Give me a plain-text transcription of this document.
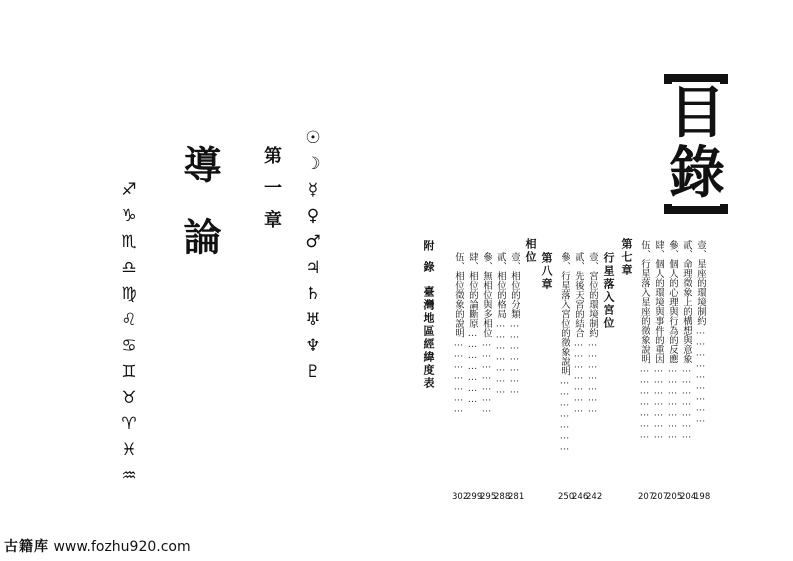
☉☽☿♀♂♃♄♅♆♇
♐♑♏♎♍♌♋♊♉♈♓♒	第一章
導論
目
錄
壹、星座的環境制約………………………
貳、命理徵象上的構想與意象…………………
參、個人的心理與行為的反應…………………
肆、個人的環境與事件的重因…………………
伍、行星落入星座的徵象說明…………………
198
204
205
207
207
第七章
行星落入宮位
壹、宮位的環境制約…………………
貳、先後天宮的結合…………………
參、行星落入宮位的徵象說明…………………
242
246
250
第八章
相位
壹、相位的分類…………………
貳、相位的格局…………………
參、無相位與多相位…………………
肆、相位的論斷原…………………
伍、相位徵象的說明…………………
281
288
295
299
302
附錄
臺灣地區經緯度表
古籍库 www.fozhu920.com
